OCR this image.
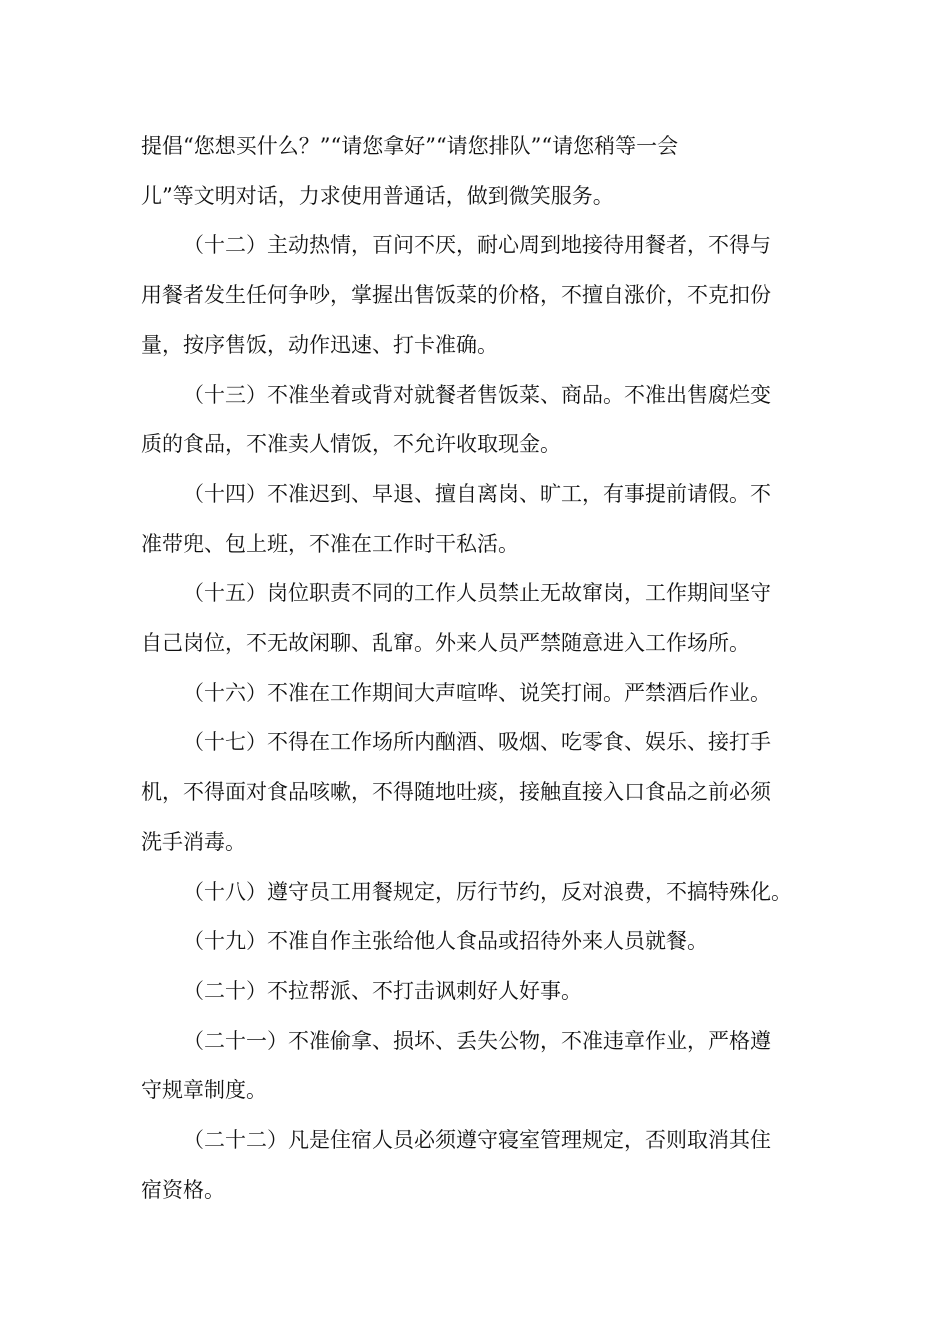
提倡“您想买什么？”“请您拿好”“请您排队”“请您稍等一会
儿”等文明对话，力求使用普通话，做到微笑服务。

（十二）主动热情，百问不厌，耐心周到地接待用餐者，不得与
用餐者发生任何争吵，掌握出售饭菜的价格，不擅自涨价，不克扣份
量，按序售饭，动作迅速、打卡准确。

（十三）不准坐着或背对就餐者售饭菜、商品。不准出售腐烂变
质的食品，不准卖人情饭，不允许收取现金。

（十四）不准迟到、早退、擅自离岗、旷工，有事提前请假。不
准带兜、包上班，不准在工作时干私活。

（十五）岗位职责不同的工作人员禁止无故窜岗，工作期间坚守
自己岗位，不无故闲聊、乱窜。外来人员严禁随意进入工作场所。

（十六）不准在工作期间大声喧哗、说笑打闹。严禁酒后作业。

（十七）不得在工作场所内酗酒、吸烟、吃零食、娱乐、接打手
机，不得面对食品咳嗽，不得随地吐痰，接触直接入口食品之前必须
洗手消毒。

（十八）遵守员工用餐规定，厉行节约，反对浪费，不搞特殊化。

（十九）不准自作主张给他人食品或招待外来人员就餐。

（二十）不拉帮派、不打击讽刺好人好事。

（二十一）不准偷拿、损坏、丢失公物，不准违章作业，严格遵
守规章制度。

（二十二）凡是住宿人员必须遵守寝室管理规定，否则取消其住
宿资格。
